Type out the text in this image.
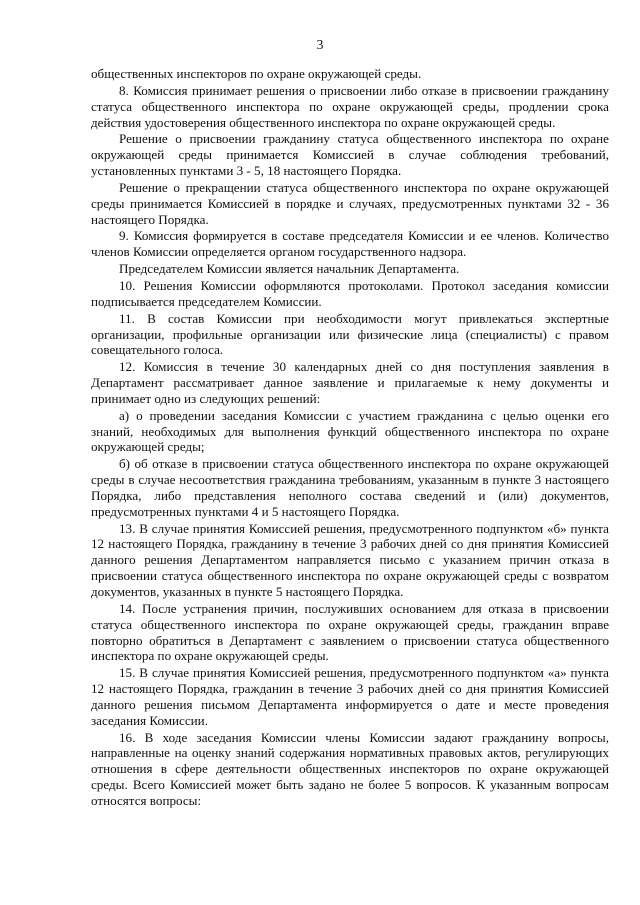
3

общественных инспекторов по охране окружающей среды.

8. Комиссия принимает решения о присвоении либо отказе в присвоении гражданину статуса общественного инспектора по охране окружающей среды, продлении срока действия удостоверения общественного инспектора по охране окружающей среды.

Решение о присвоении гражданину статуса общественного инспектора по охране окружающей среды принимается Комиссией в случае соблюдения требований, установленных пунктами 3 - 5, 18 настоящего Порядка.

Решение о прекращении статуса общественного инспектора по охране окружающей среды принимается Комиссией в порядке и случаях, предусмотренных пунктами 32 - 36 настоящего Порядка.

9. Комиссия формируется в составе председателя Комиссии и ее членов. Количество членов Комиссии определяется органом государственного надзора.

Председателем Комиссии является начальник Департамента.

10. Решения Комиссии оформляются протоколами. Протокол заседания комиссии подписывается председателем Комиссии.

11. В состав Комиссии при необходимости могут привлекаться экспертные организации, профильные организации или физические лица (специалисты) с правом совещательного голоса.

12. Комиссия в течение 30 календарных дней со дня поступления заявления в Департамент рассматривает данное заявление и прилагаемые к нему документы и принимает одно из следующих решений:

а) о проведении заседания Комиссии с участием гражданина с целью оценки его знаний, необходимых для выполнения функций общественного инспектора по охране окружающей среды;

б) об отказе в присвоении статуса общественного инспектора по охране окружающей среды в случае несоответствия гражданина требованиям, указанным в пункте 3 настоящего Порядка, либо представления неполного состава сведений и (или) документов, предусмотренных пунктами 4 и 5 настоящего Порядка.

13. В случае принятия Комиссией решения, предусмотренного подпунктом «б» пункта 12 настоящего Порядка, гражданину в течение 3 рабочих дней со дня принятия Комиссией данного решения Департаментом направляется письмо с указанием причин отказа в присвоении статуса общественного инспектора по охране окружающей среды с возвратом документов, указанных в пункте 5 настоящего Порядка.

14. После устранения причин, послуживших основанием для отказа в присвоении статуса общественного инспектора по охране окружающей среды, гражданин вправе повторно обратиться в Департамент с заявлением о присвоении статуса общественного инспектора по охране окружающей среды.

15. В случае принятия Комиссией решения, предусмотренного подпунктом «а» пункта 12 настоящего Порядка, гражданин в течение 3 рабочих дней со дня принятия Комиссией данного решения письмом Департамента информируется о дате и месте проведения заседания Комиссии.

16. В ходе заседания Комиссии члены Комиссии задают гражданину вопросы, направленные на оценку знаний содержания нормативных правовых актов, регулирующих отношения в сфере деятельности общественных инспекторов по охране окружающей среды. Всего Комиссией может быть задано не более 5 вопросов. К указанным вопросам относятся вопросы:
